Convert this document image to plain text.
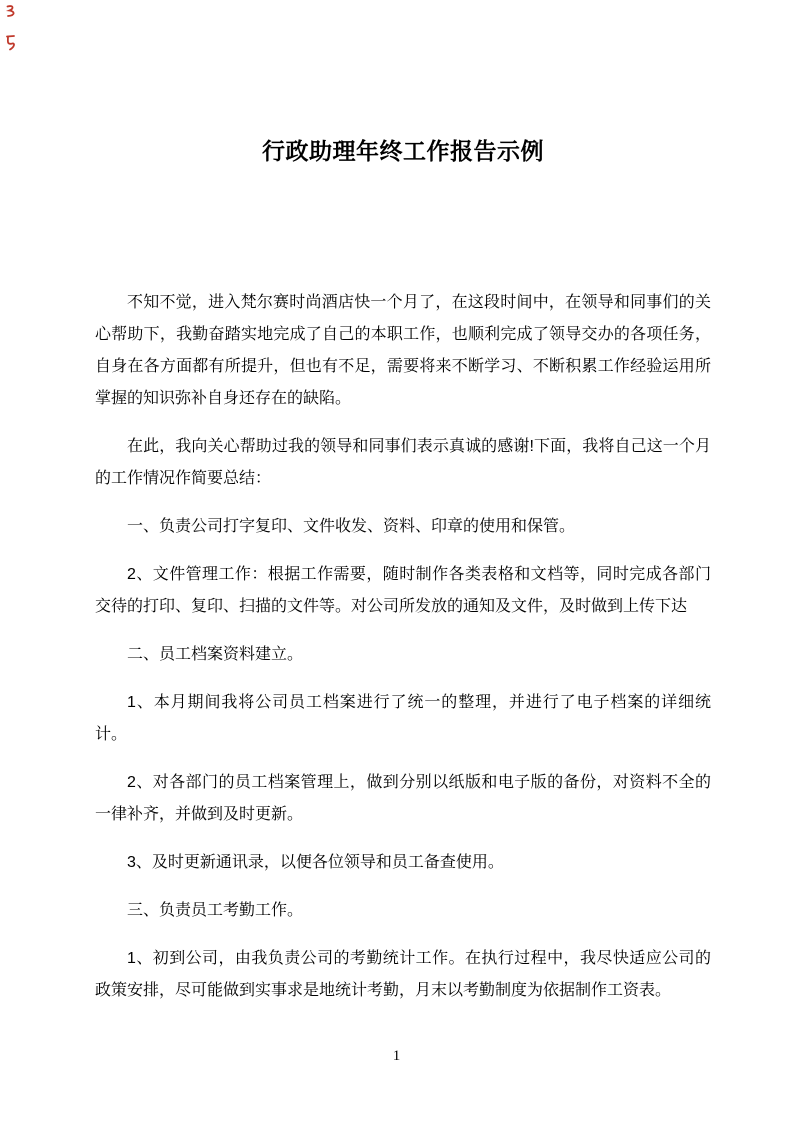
行政助理年终工作报告示例

不知不觉，进入梵尔赛时尚酒店快一个月了，在这段时间中，在领导和同事们的关心帮助下，我勤奋踏实地完成了自己的本职工作，也顺利完成了领导交办的各项任务，自身在各方面都有所提升，但也有不足，需要将来不断学习、不断积累工作经验运用所掌握的知识弥补自身还存在的缺陷。

在此，我向关心帮助过我的领导和同事们表示真诚的感谢!下面，我将自己这一个月的工作情况作简要总结：

一、负责公司打字复印、文件收发、资料、印章的使用和保管。

2、文件管理工作：根据工作需要，随时制作各类表格和文档等，同时完成各部门交待的打印、复印、扫描的文件等。对公司所发放的通知及文件，及时做到上传下达

二、员工档案资料建立。

1、本月期间我将公司员工档案进行了统一的整理，并进行了电子档案的详细统计。

2、对各部门的员工档案管理上，做到分别以纸版和电子版的备份，对资料不全的一律补齐，并做到及时更新。

3、及时更新通讯录，以便各位领导和员工备查使用。

三、负责员工考勤工作。

1、初到公司，由我负责公司的考勤统计工作。在执行过程中，我尽快适应公司的政策安排，尽可能做到实事求是地统计考勤，月末以考勤制度为依据制作工资表。

1
